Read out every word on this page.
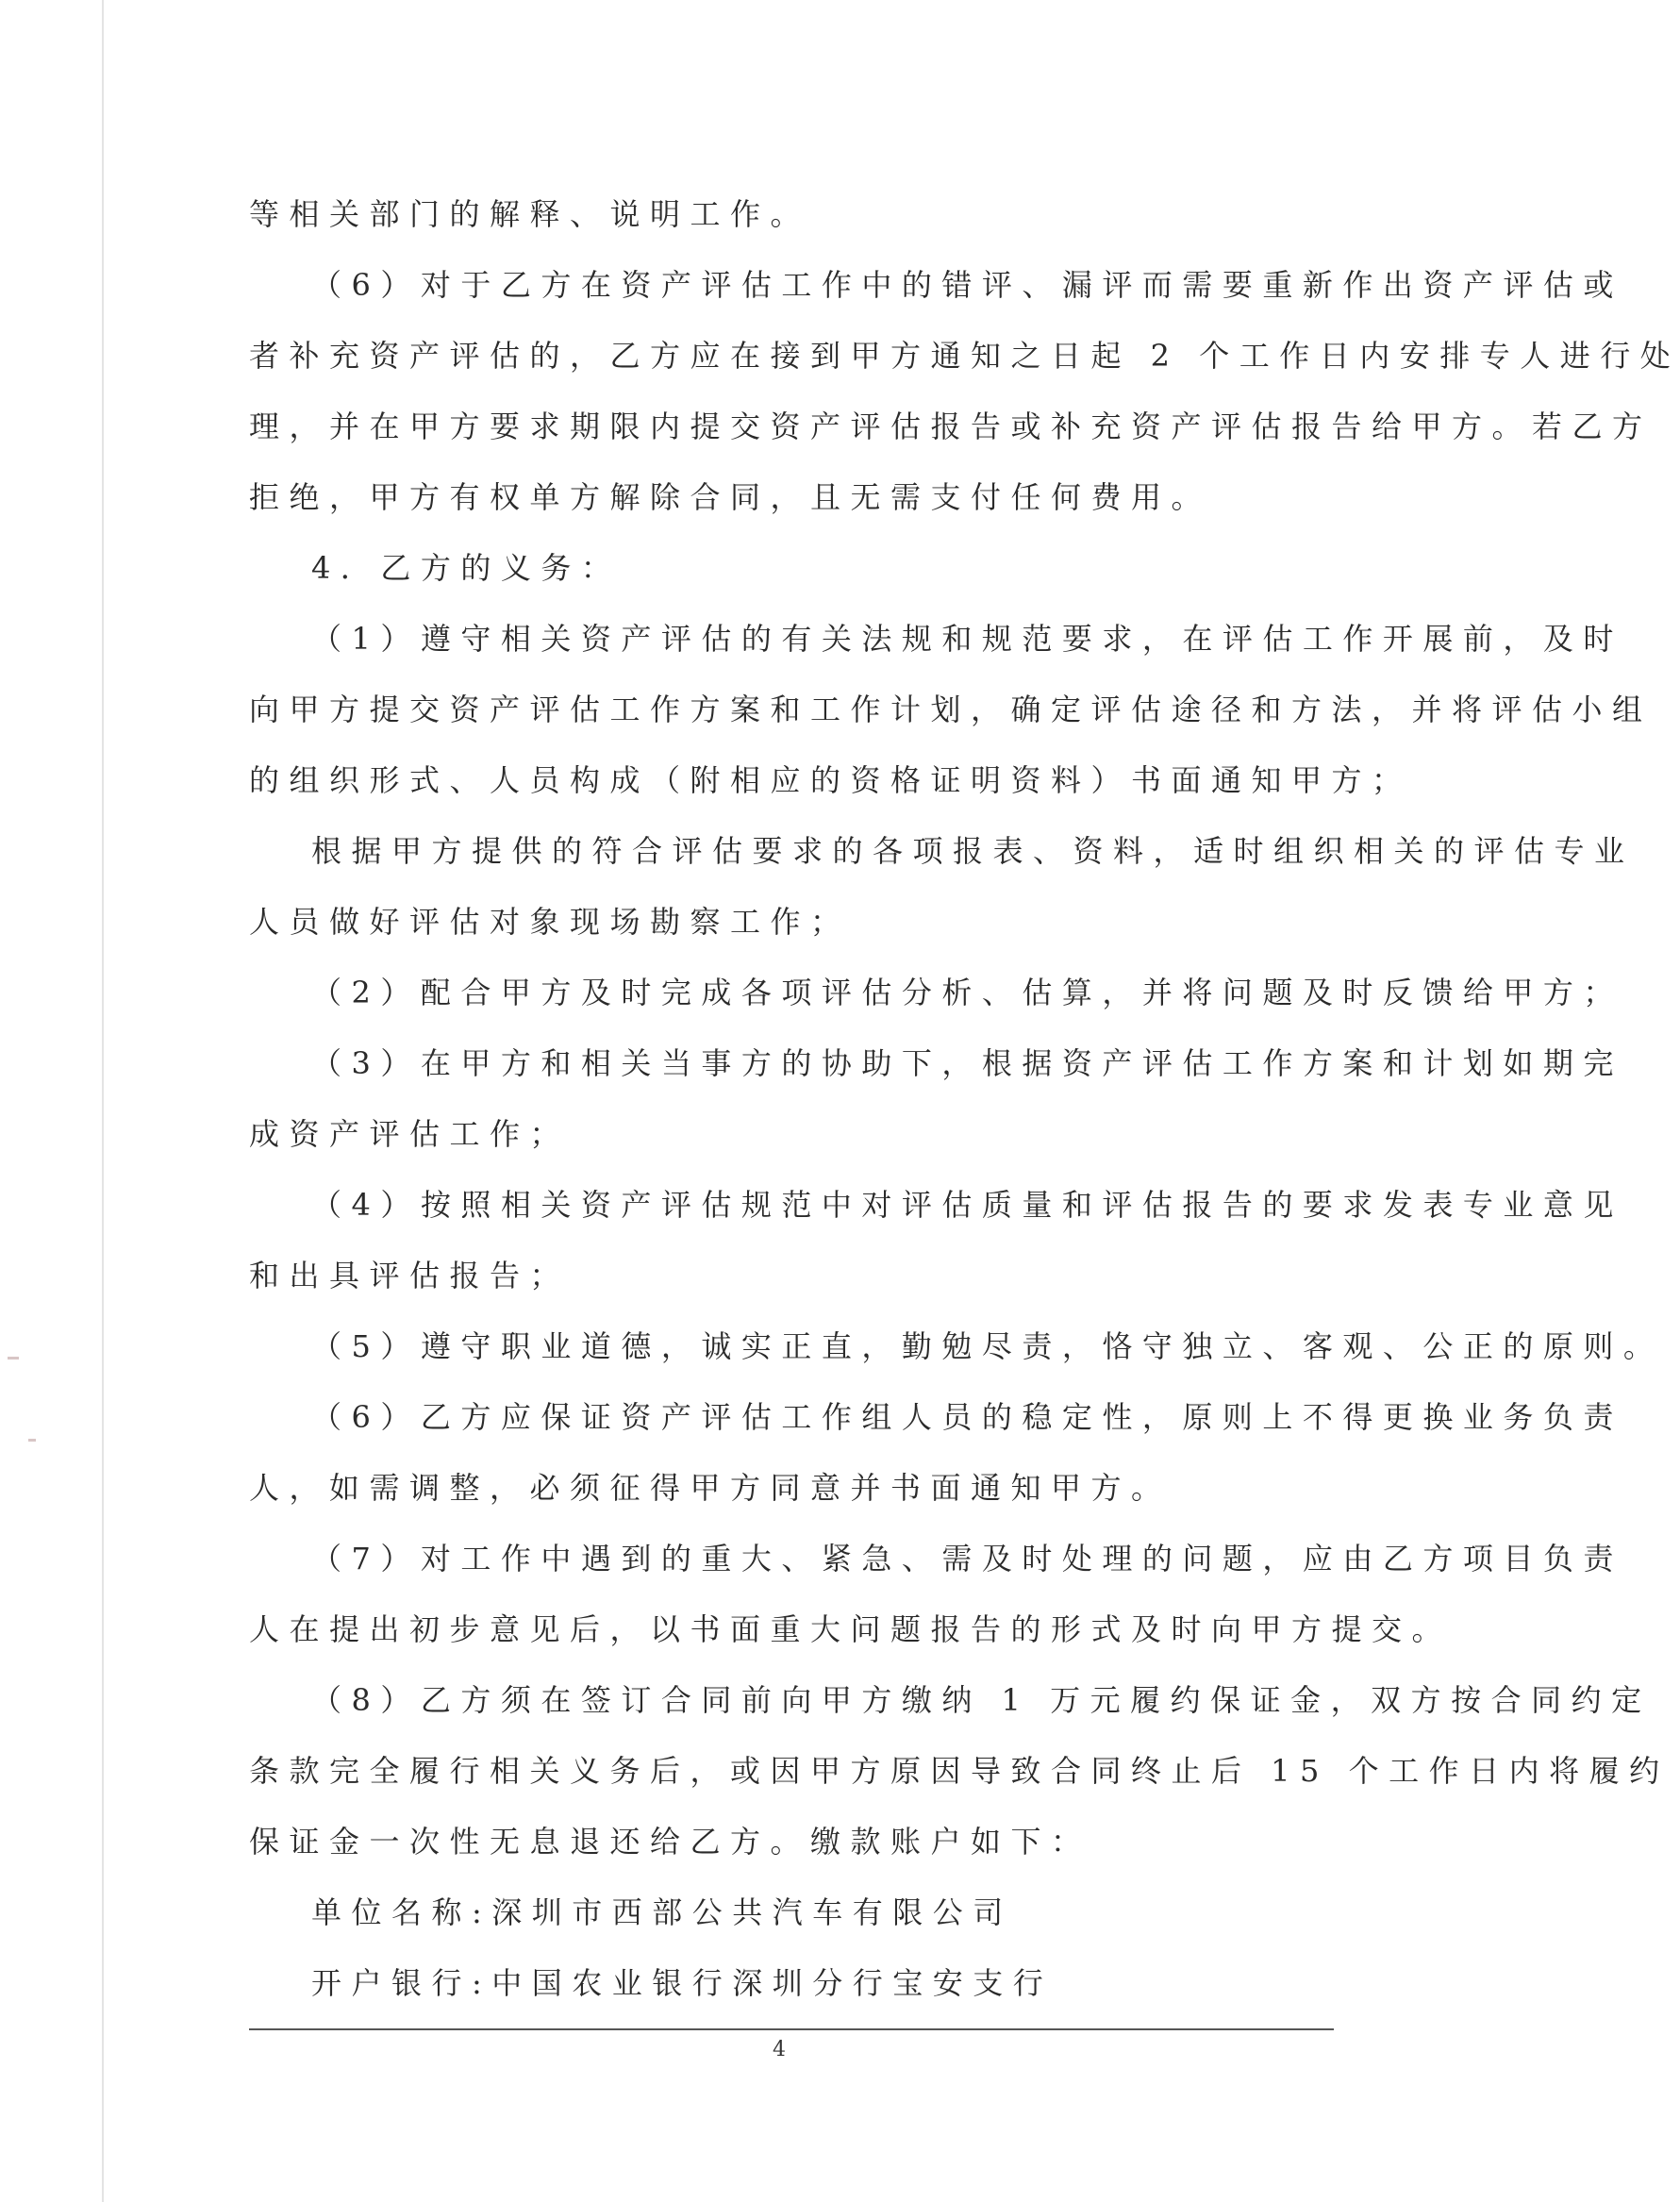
等相关部门的解释、说明工作。
（6）对于乙方在资产评估工作中的错评、漏评而需要重新作出资产评估或
者补充资产评估的，乙方应在接到甲方通知之日起 2 个工作日内安排专人进行处
理，并在甲方要求期限内提交资产评估报告或补充资产评估报告给甲方。若乙方
拒绝，甲方有权单方解除合同，且无需支付任何费用。
4．乙方的义务：
（1）遵守相关资产评估的有关法规和规范要求，在评估工作开展前，及时
向甲方提交资产评估工作方案和工作计划，确定评估途径和方法，并将评估小组
的组织形式、人员构成（附相应的资格证明资料）书面通知甲方；
根据甲方提供的符合评估要求的各项报表、资料，适时组织相关的评估专业
人员做好评估对象现场勘察工作；
（2）配合甲方及时完成各项评估分析、估算，并将问题及时反馈给甲方；
（3）在甲方和相关当事方的协助下，根据资产评估工作方案和计划如期完
成资产评估工作；
（4）按照相关资产评估规范中对评估质量和评估报告的要求发表专业意见
和出具评估报告；
（5）遵守职业道德，诚实正直，勤勉尽责，恪守独立、客观、公正的原则。
（6）乙方应保证资产评估工作组人员的稳定性，原则上不得更换业务负责
人，如需调整，必须征得甲方同意并书面通知甲方。
（7）对工作中遇到的重大、紧急、需及时处理的问题，应由乙方项目负责
人在提出初步意见后，以书面重大问题报告的形式及时向甲方提交。
（8）乙方须在签订合同前向甲方缴纳 1 万元履约保证金，双方按合同约定
条款完全履行相关义务后，或因甲方原因导致合同终止后 15 个工作日内将履约
保证金一次性无息退还给乙方。缴款账户如下：
单位名称:深圳市西部公共汽车有限公司
开户银行:中国农业银行深圳分行宝安支行
4
